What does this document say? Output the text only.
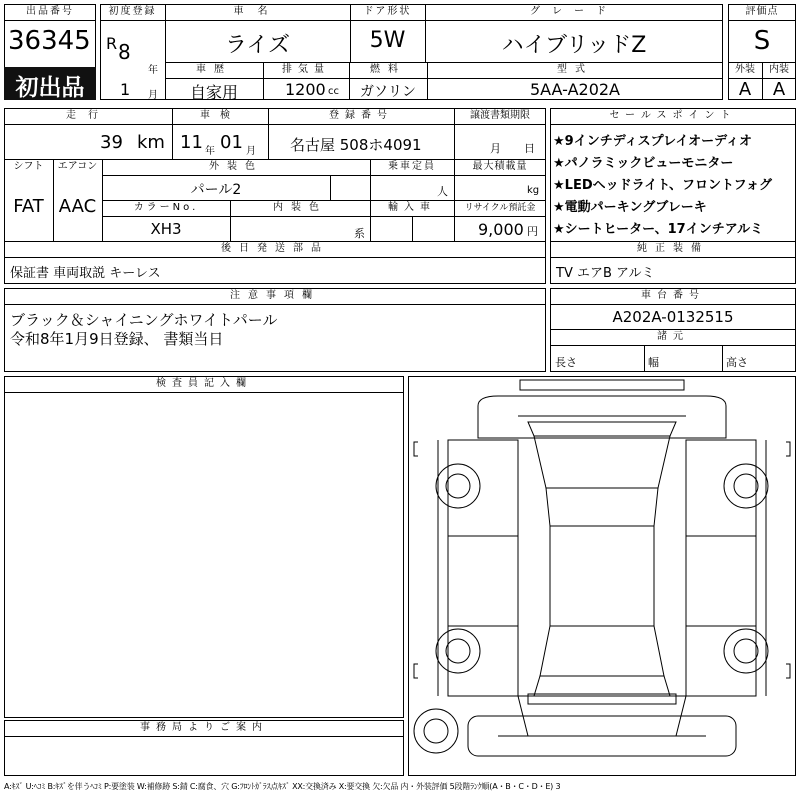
出品番号
36345
初出品
初度登録
R 8
年
1 月
車名
ライズ
ドア形状
5W
グレード
ハイブリッドZ
車歴
自家用
排気量
1200 cc
燃料
ガソリン
型式
5AA-A202A
評価点
S
外装	内装
A	A
走行
39 km
車検
11 年 01 月
登録番号
名古屋 508ホ4091
譲渡書類期限
月 日
シフト	エアコン
FAT AAC
外装色
パール2
乗車定員
人
最大積載量
kg
カラーNo.
XH3
内装色
系
輸入車	リサイクル預託金
9,000 円
後日発送部品
保証書 車両取説 キーレス
セールスポイント
★9インチディスプレイオーディオ
★パノラミックビューモニター
★LEDヘッドライト、フロントフォグ
★電動パーキングブレーキ
★シートヒーター、17インチアルミ
純正装備
TV エアB アルミ
注意事項欄
ブラック＆シャイニングホワイトパール
令和8年1月9日登録、 書類当日
車台番号
A202A-0132515
諸元
長さ	幅	高さ
検査員記入欄
事務局よりご案内
A:ｷｽﾞ U:ﾍｺﾐ B:ｷｽﾞを伴うﾍｺﾐ P:要塗装 W:補修跡 S:錆 C:腐食、穴 G:ﾌﾛﾝﾄｶﾞﾗｽ点ｷｽﾞ XX:交換済み X:要交換 欠:欠品 内・外装評価 5段階ﾗﾝｸ順(A・B・C・D・E) 3
